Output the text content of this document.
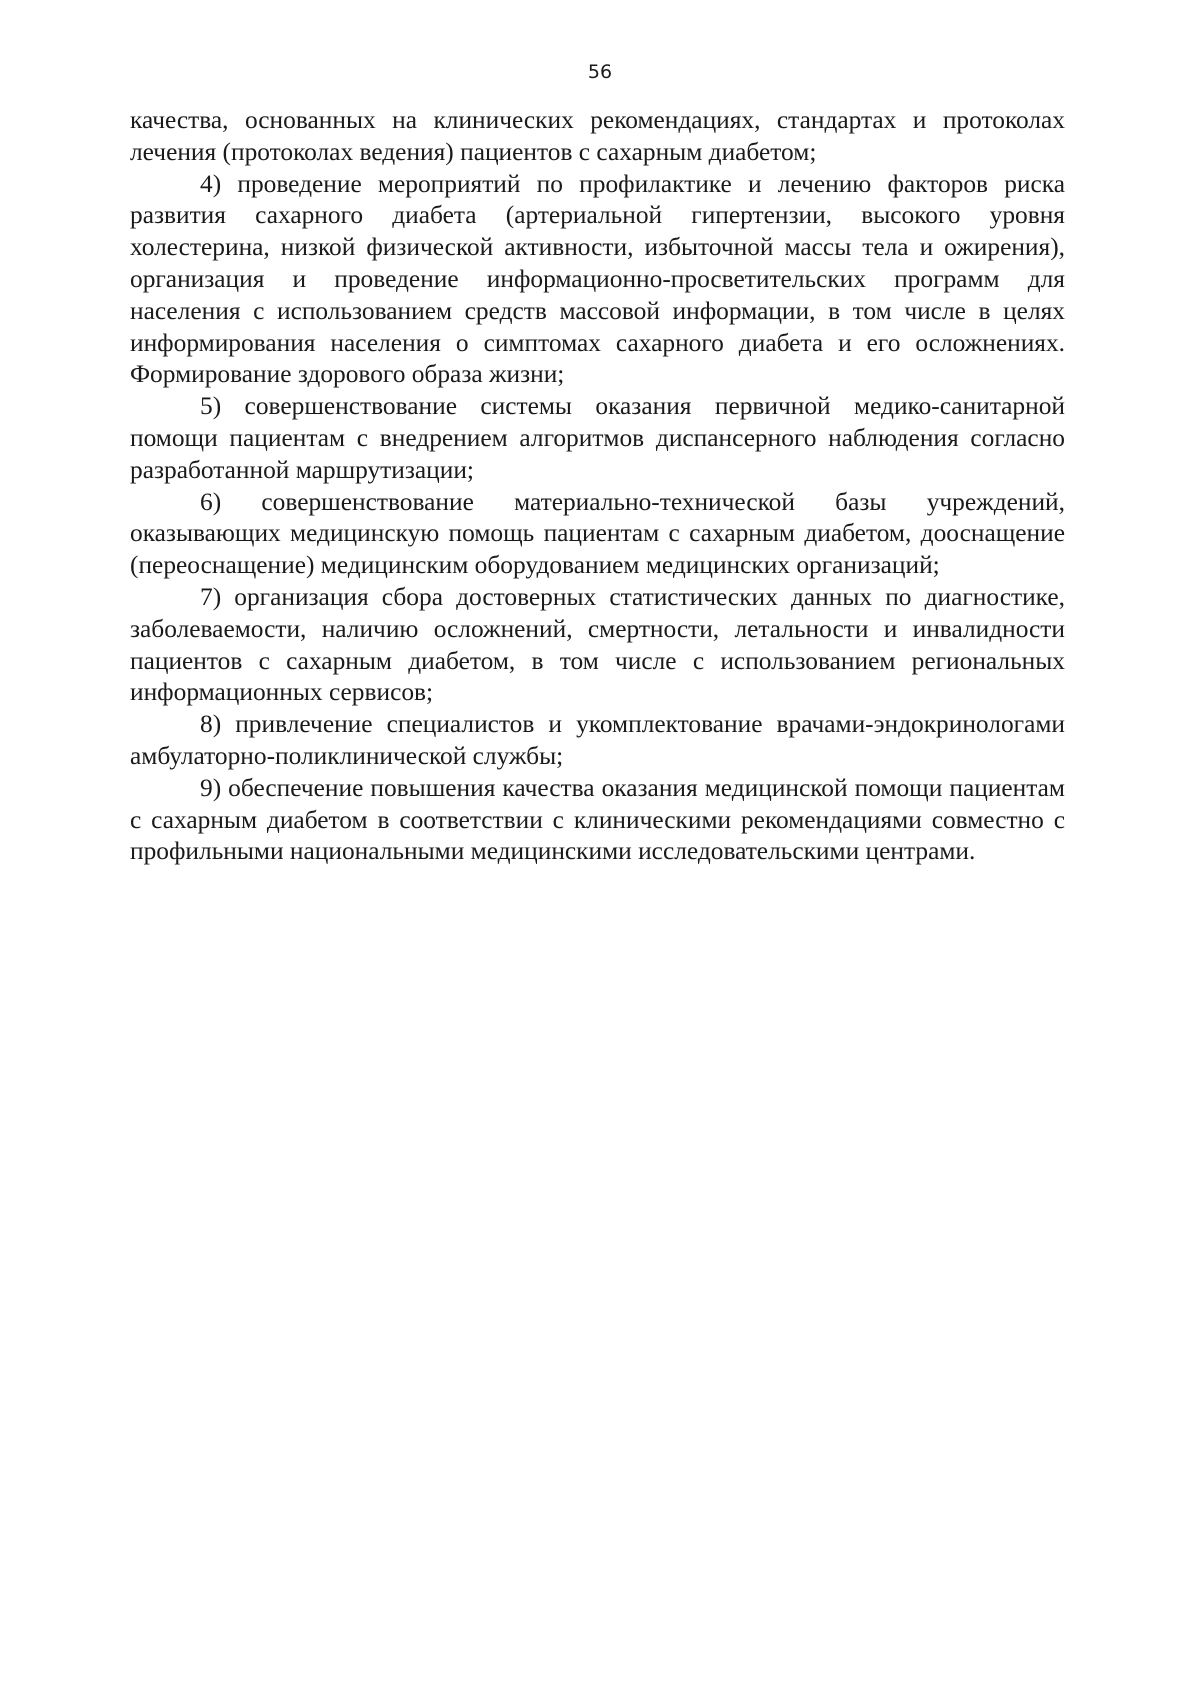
56

качества, основанных на клинических рекомендациях, стандартах и протоколах лечения (протоколах ведения) пациентов с сахарным диабетом;

4) проведение мероприятий по профилактике и лечению факторов риска развития сахарного диабета (артериальной гипертензии, высокого уровня холестерина, низкой физической активности, избыточной массы тела и ожирения), организация и проведение информационно-просветительских программ для населения с использованием средств массовой информации, в том числе в целях информирования населения о симптомах сахарного диабета и его осложнениях. Формирование здорового образа жизни;

5) совершенствование системы оказания первичной медико-санитарной помощи пациентам с внедрением алгоритмов диспансерного наблюдения согласно разработанной маршрутизации;

6) совершенствование материально-технической базы учреждений, оказывающих медицинскую помощь пациентам с сахарным диабетом, дооснащение (переоснащение) медицинским оборудованием медицинских организаций;

7) организация сбора достоверных статистических данных по диагностике, заболеваемости, наличию осложнений, смертности, летальности и инвалидности пациентов с сахарным диабетом, в том числе с использованием региональных информационных сервисов;

8) привлечение специалистов и укомплектование врачами-эндокринологами амбулаторно-поликлинической службы;

9) обеспечение повышения качества оказания медицинской помощи пациентам с сахарным диабетом в соответствии с клиническими рекомендациями совместно с профильными национальными медицинскими исследовательскими центрами.
